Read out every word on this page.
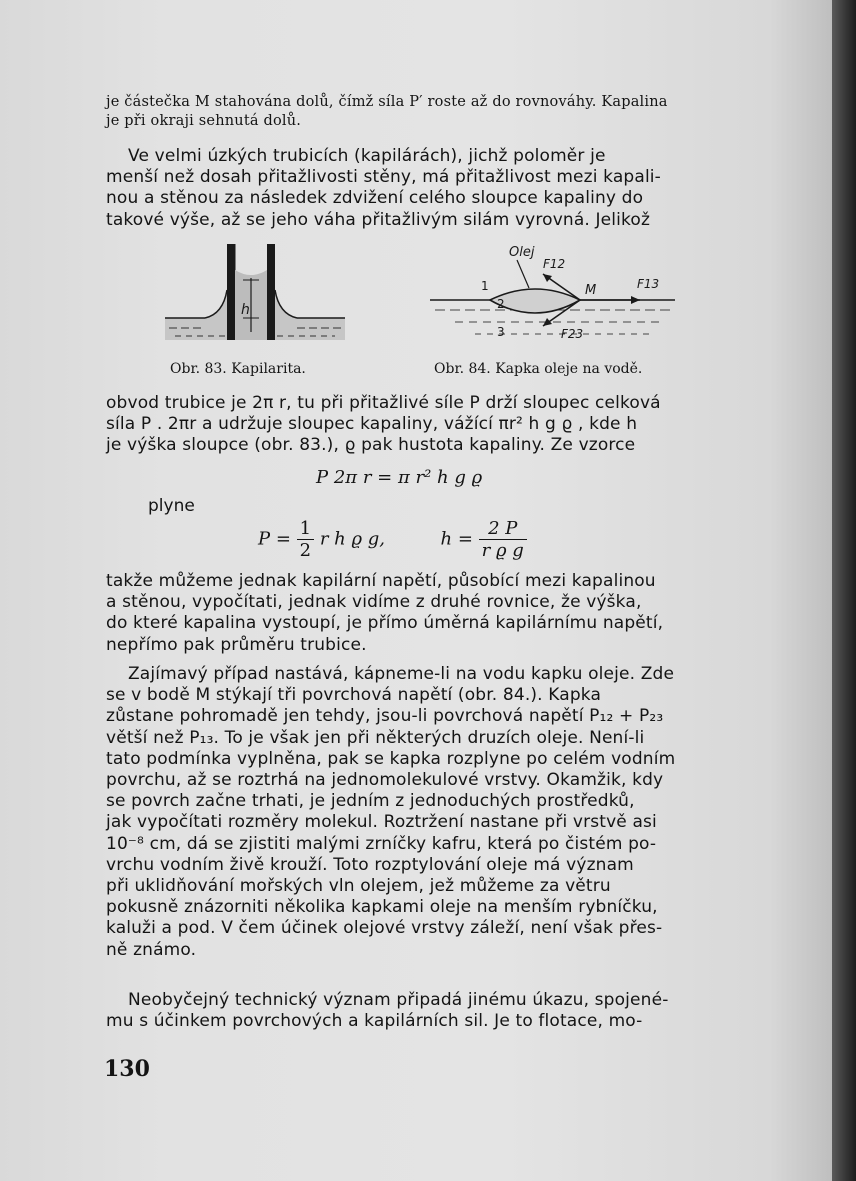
je částečka M stahována dolů, čímž síla P′ roste až do rovnováhy. Kapalina
je při okraji sehnutá dolů.
Ve velmi úzkých trubicích (kapilárách), jichž poloměr je
menší než dosah přitažlivosti stěny, má přitažlivost mezi kapali-
nou a stěnou za následek zdvižení celého sloupce kapaliny do
takové výše, až se jeho váha přitažlivým silám vyrovná. Jelikož
h
Obr. 83. Kapilarita.
Olej
1
2
3
M
F12
F13
F23
Obr. 84. Kapka oleje na vodě.
obvod trubice je 2π r, tu při přitažlivé síle P drží sloupec celková
síla P . 2πr a udržuje sloupec kapaliny, vážící πr² h g ϱ , kde h
je výška sloupce (obr. 83.), ϱ pak hustota kapaliny. Ze vzorce
P 2π r = π r² h g ϱ
plyne
$P = \frac{1}{2}$ r h ϱ g,	$h = \frac{2 P}{\text{r ϱ g}}$
takže můžeme jednak kapilární napětí, působící mezi kapalinou
a stěnou, vypočítati, jednak vidíme z druhé rovnice, že výška,
do které kapalina vystoupí, je přímo úměrná kapilárnímu napětí,
nepřímo pak průměru trubice.
Zajímavý případ nastává, kápneme-li na vodu kapku oleje. Zde
se v bodě M stýkají tři povrchová napětí (obr. 84.). Kapka
zůstane pohromadě jen tehdy, jsou-li povrchová napětí P₁₂ + P₂₃
větší než P₁₃. To je však jen při některých druzích oleje. Není-li
tato podmínka vyplněna, pak se kapka rozplyne po celém vodním
povrchu, až se roztrhá na jednomolekulové vrstvy. Okamžik, kdy
se povrch začne trhati, je jedním z jednoduchých prostředků,
jak vypočítati rozměry molekul. Roztržení nastane při vrstvě asi
10⁻⁸ cm, dá se zjistiti malými zrníčky kafru, která po čistém po-
vrchu vodním živě krouží. Toto rozptylování oleje má význam
při uklidňování mořských vln olejem, jež můžeme za větru
pokusně znázorniti několika kapkami oleje na menším rybníčku,
kaluži a pod. V čem účinek olejové vrstvy záleží, není však přes-
ně známo.
Neobyčejný technický význam připadá jinému úkazu, spojené-
mu s účinkem povrchových a kapilárních sil. Je to flotace, mo-
130
